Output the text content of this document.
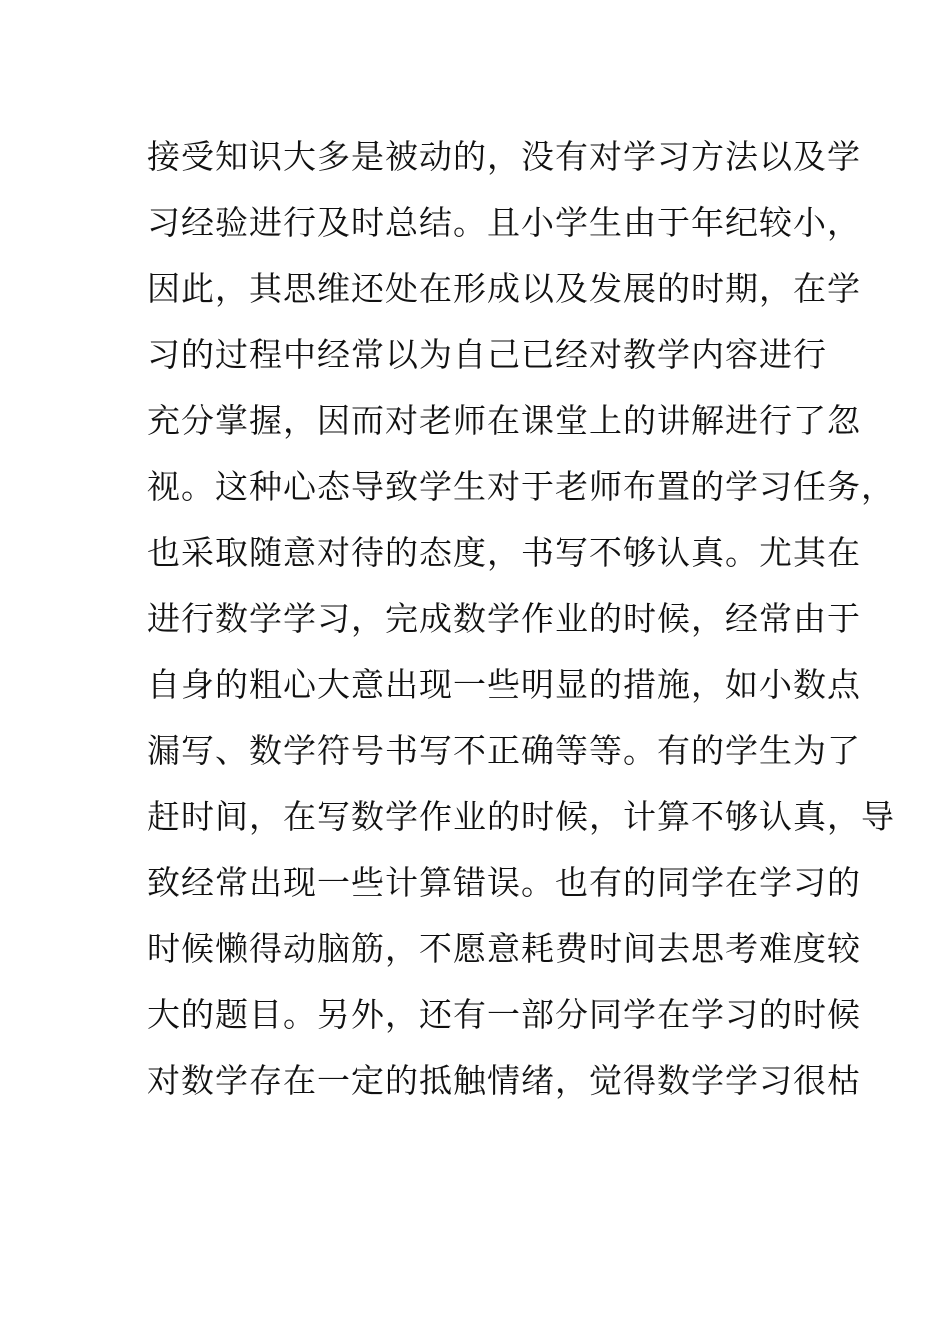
接受知识大多是被动的，没有对学习方法以及学
习经验进行及时总结。且小学生由于年纪较小，
因此，其思维还处在形成以及发展的时期，在学
习的过程中经常以为自己已经对教学内容进行
充分掌握，因而对老师在课堂上的讲解进行了忽
视。这种心态导致学生对于老师布置的学习任务，
也采取随意对待的态度，书写不够认真。尤其在
进行数学学习，完成数学作业的时候，经常由于
自身的粗心大意出现一些明显的措施，如小数点
漏写、数学符号书写不正确等等。有的学生为了
赶时间，在写数学作业的时候，计算不够认真，导
致经常出现一些计算错误。也有的同学在学习的
时候懒得动脑筋，不愿意耗费时间去思考难度较
大的题目。另外，还有一部分同学在学习的时候
对数学存在一定的抵触情绪，觉得数学学习很枯
